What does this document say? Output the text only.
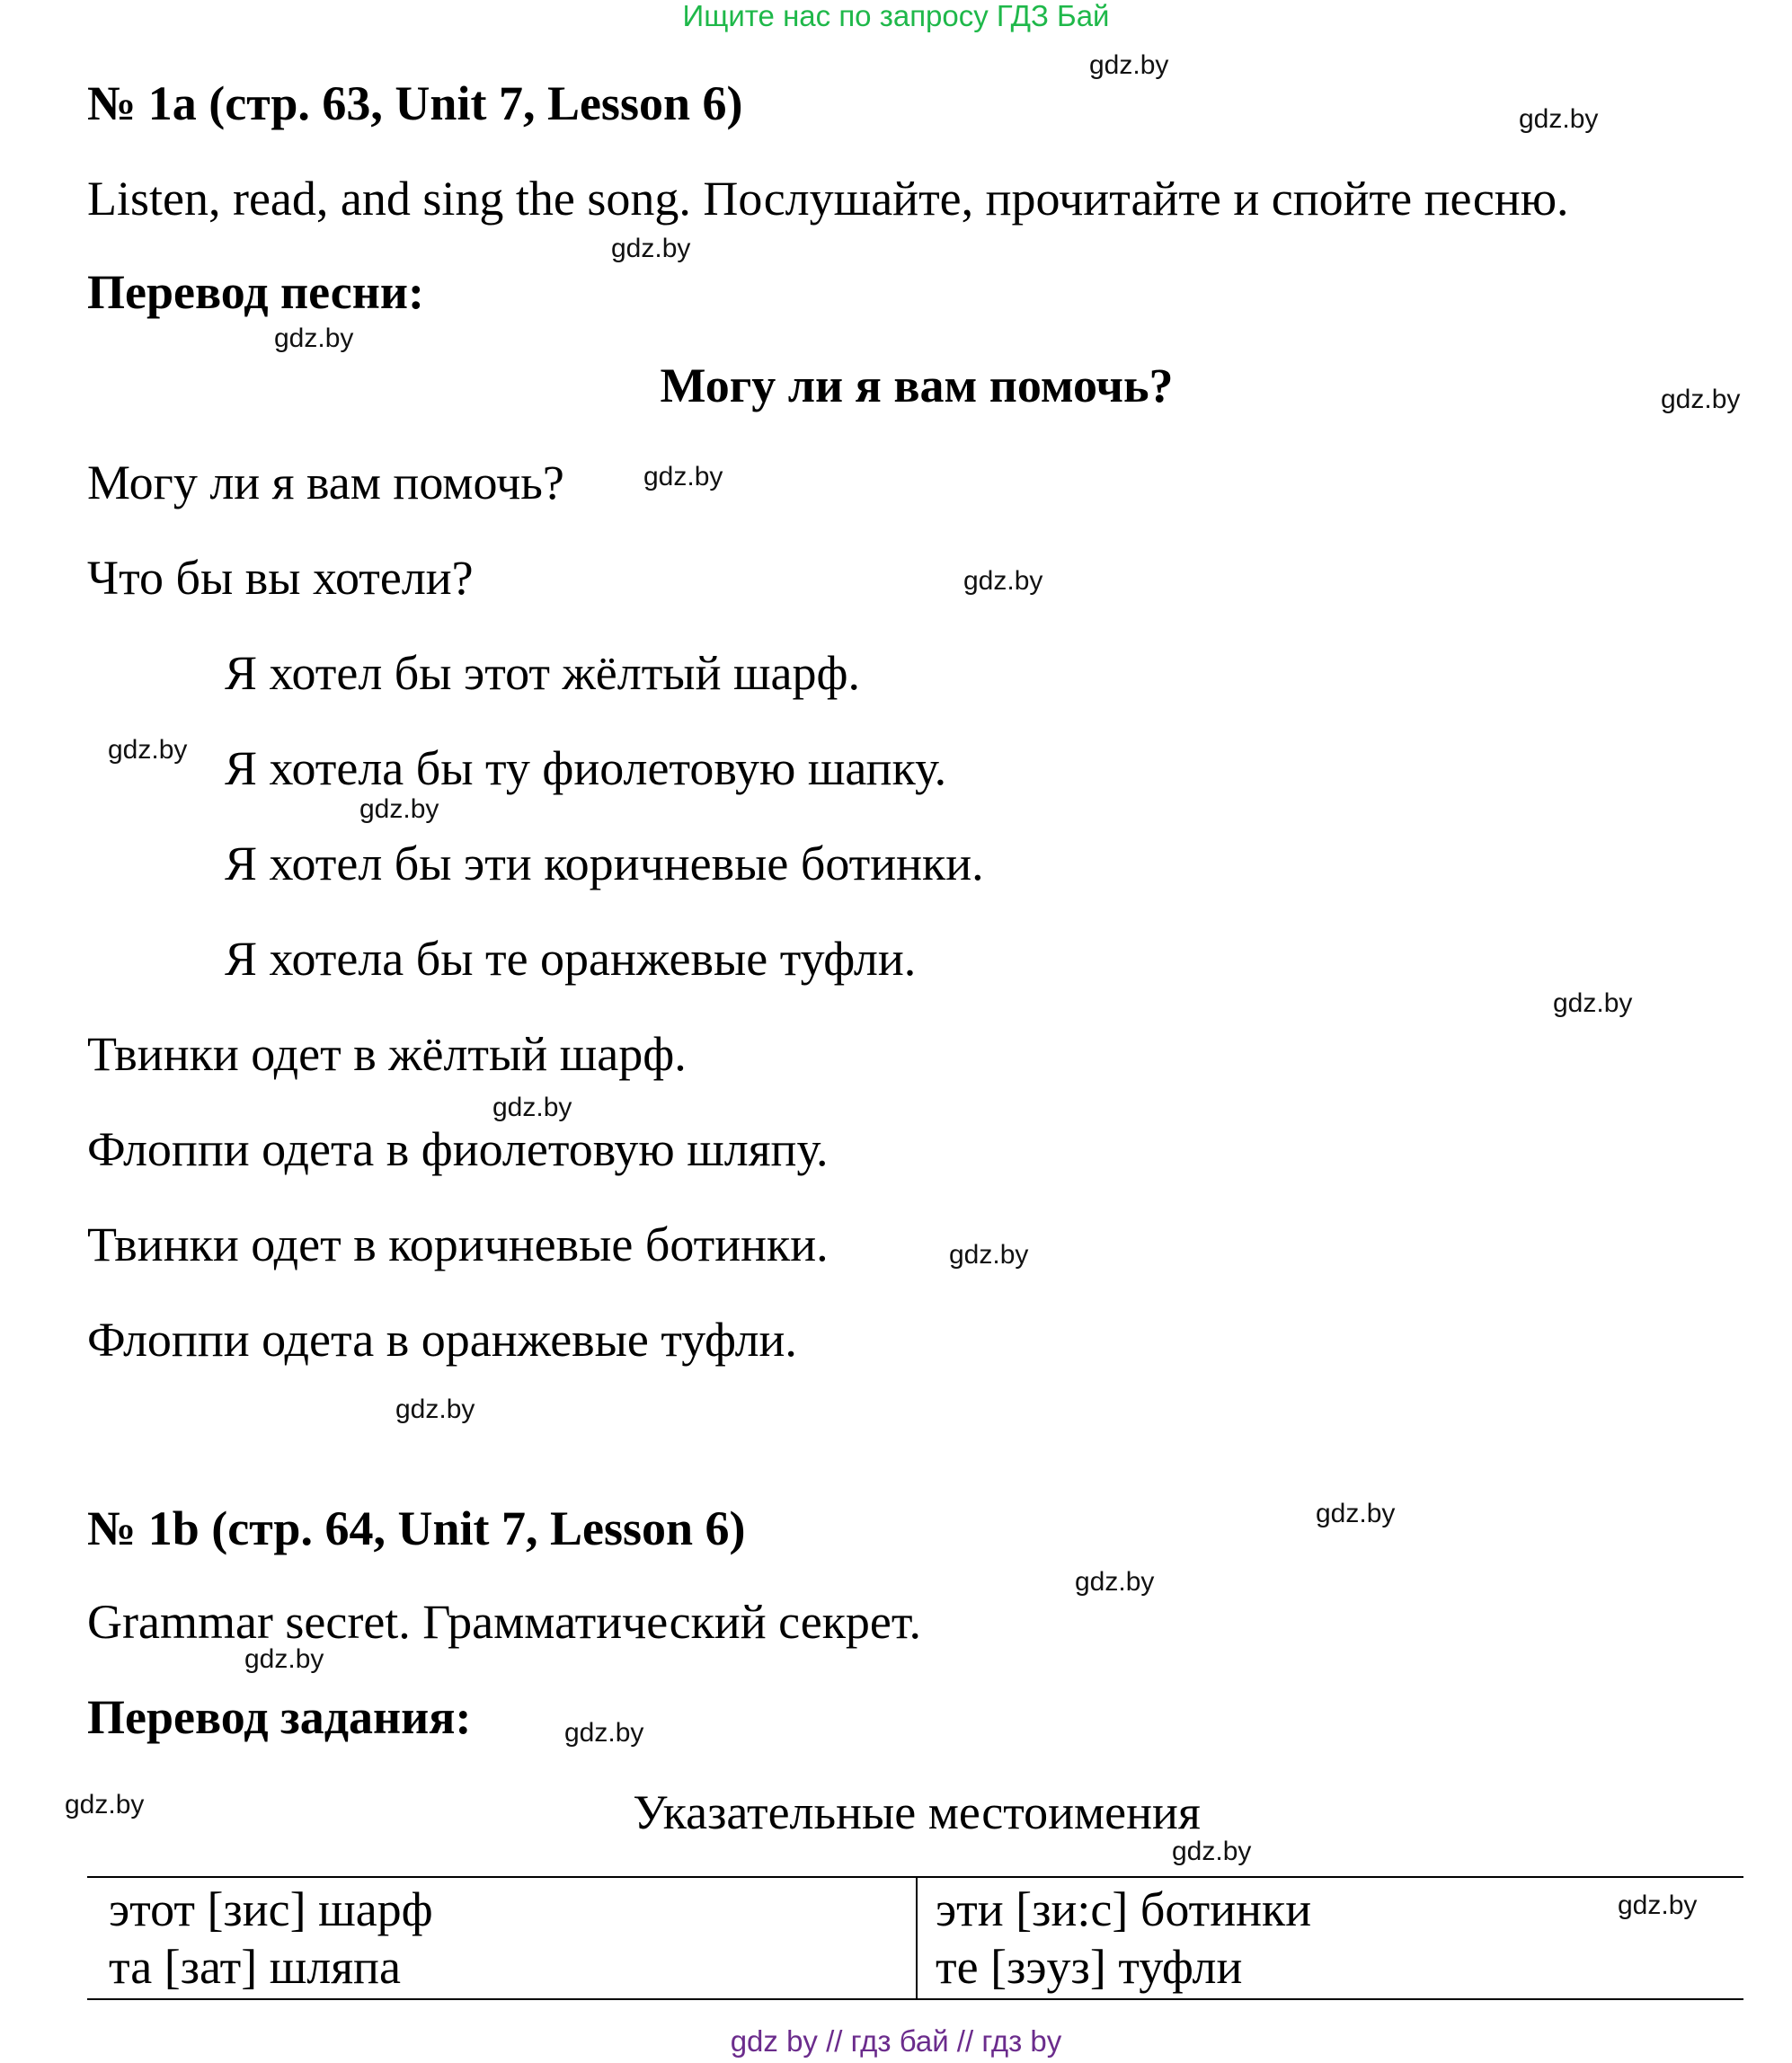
Ищите нас по запросу ГДЗ Бай
№ 1a (стр. 63, Unit 7, Lesson 6)
Listen, read, and sing the song. Послушайте, прочитайте и спойте песню.
Перевод песни:
Могу ли я вам помочь?
Могу ли я вам помочь?
Что бы вы хотели?
Я хотел бы этот жёлтый шарф.
Я хотела бы ту фиолетовую шапку.
Я хотел бы эти коричневые ботинки.
Я хотела бы те оранжевые туфли.
Твинки одет в жёлтый шарф.
Флоппи одета в фиолетовую шляпу.
Твинки одет в коричневые ботинки.
Флоппи одета в оранжевые туфли.
№ 1b (стр. 64, Unit 7, Lesson 6)
Grammar secret. Грамматический секрет.
Перевод задания:
Указательные местоимения
этот [зис] шарф
та [зат] шляпа
эти [зи:с] ботинки
те [зэуз] туфли
gdz.by
gdz.by
gdz.by
gdz.by
gdz.by
gdz.by
gdz.by
gdz.by
gdz.by
gdz.by
gdz.by
gdz.by
gdz.by
gdz.by
gdz.by
gdz.by
gdz.by
gdz.by
gdz.by
gdz.by
gdz by // гдз бай // гдз by
